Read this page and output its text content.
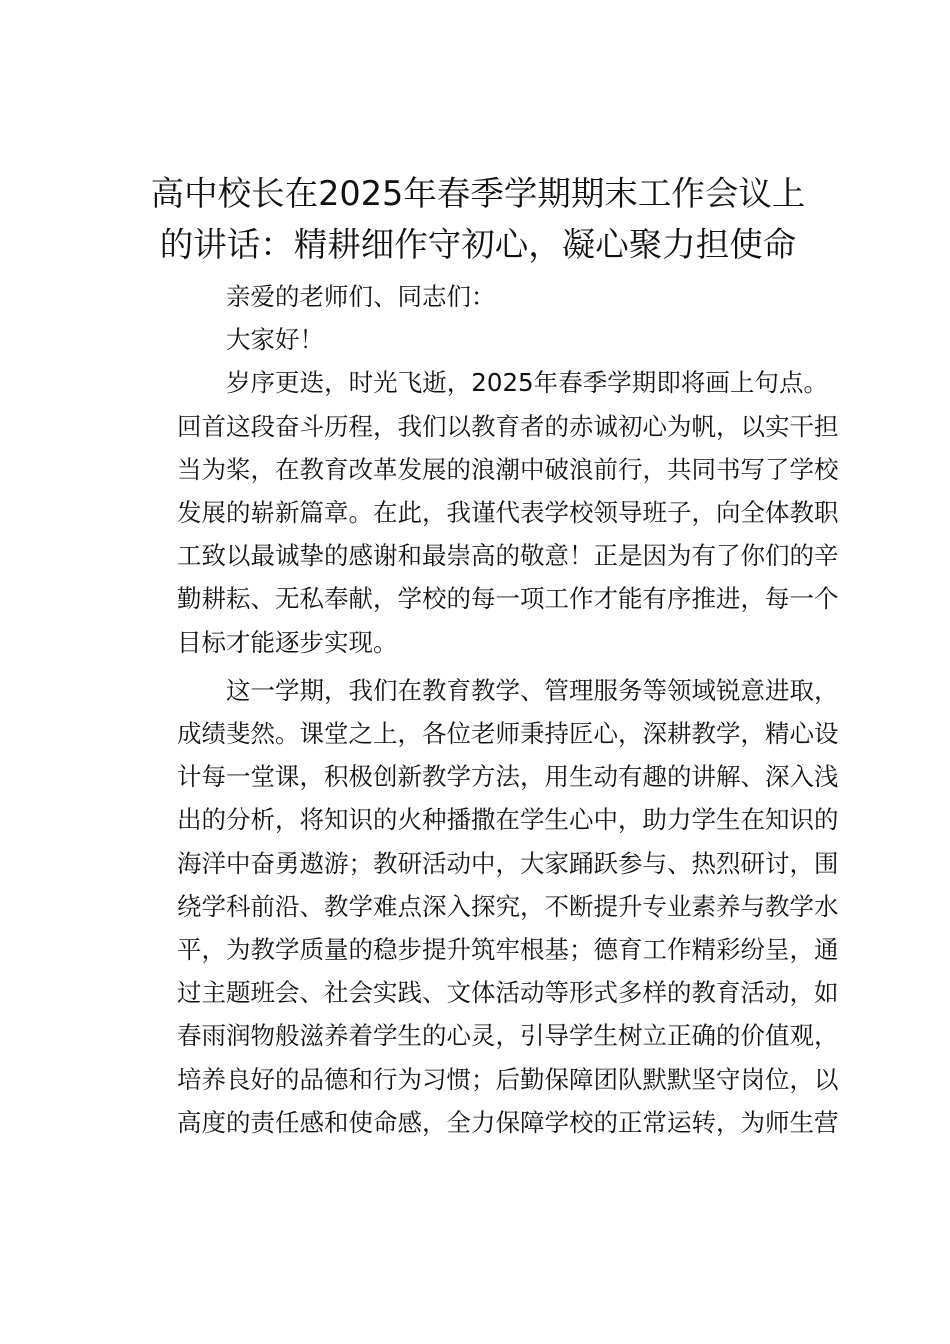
高中校长在2025年春季学期期末工作会议上
的讲话：精耕细作守初心，凝心聚力担使命
亲爱的老师们、同志们：
大家好！
岁序更迭，时光飞逝，2025年春季学期即将画上句点。
回首这段奋斗历程，我们以教育者的赤诚初心为帆，以实干担
当为桨，在教育改革发展的浪潮中破浪前行，共同书写了学校
发展的崭新篇章。在此，我谨代表学校领导班子，向全体教职
工致以最诚挚的感谢和最崇高的敬意！正是因为有了你们的辛
勤耕耘、无私奉献，学校的每一项工作才能有序推进，每一个
目标才能逐步实现。
这一学期，我们在教育教学、管理服务等领域锐意进取，
成绩斐然。课堂之上，各位老师秉持匠心，深耕教学，精心设
计每一堂课，积极创新教学方法，用生动有趣的讲解、深入浅
出的分析，将知识的火种播撒在学生心中，助力学生在知识的
海洋中奋勇遨游；教研活动中，大家踊跃参与、热烈研讨，围
绕学科前沿、教学难点深入探究，不断提升专业素养与教学水
平，为教学质量的稳步提升筑牢根基；德育工作精彩纷呈，通
过主题班会、社会实践、文体活动等形式多样的教育活动，如
春雨润物般滋养着学生的心灵，引导学生树立正确的价值观，
培养良好的品德和行为习惯；后勤保障团队默默坚守岗位，以
高度的责任感和使命感，全力保障学校的正常运转，为师生营
